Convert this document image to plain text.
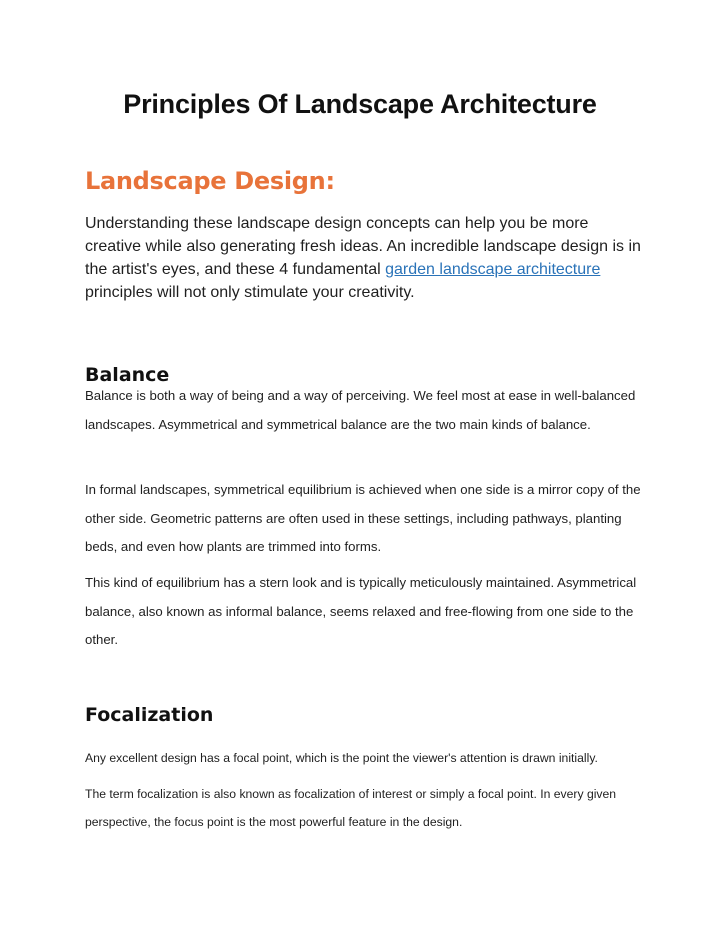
Principles Of Landscape Architecture
Landscape Design:

Understanding these landscape design concepts can help you be more creative while also generating fresh ideas. An incredible landscape design is in the artist's eyes, and these 4 fundamental garden landscape architecture principles will not only stimulate your creativity.

Balance

Balance is both a way of being and a way of perceiving. We feel most at ease in well-balanced landscapes. Asymmetrical and symmetrical balance are the two main kinds of balance.

In formal landscapes, symmetrical equilibrium is achieved when one side is a mirror copy of the other side. Geometric patterns are often used in these settings, including pathways, planting beds, and even how plants are trimmed into forms.

This kind of equilibrium has a stern look and is typically meticulously maintained. Asymmetrical balance, also known as informal balance, seems relaxed and free-flowing from one side to the other.

Focalization

Any excellent design has a focal point, which is the point the viewer's attention is drawn initially.

The term focalization is also known as focalization of interest or simply a focal point. In every given perspective, the focus point is the most powerful feature in the design.
